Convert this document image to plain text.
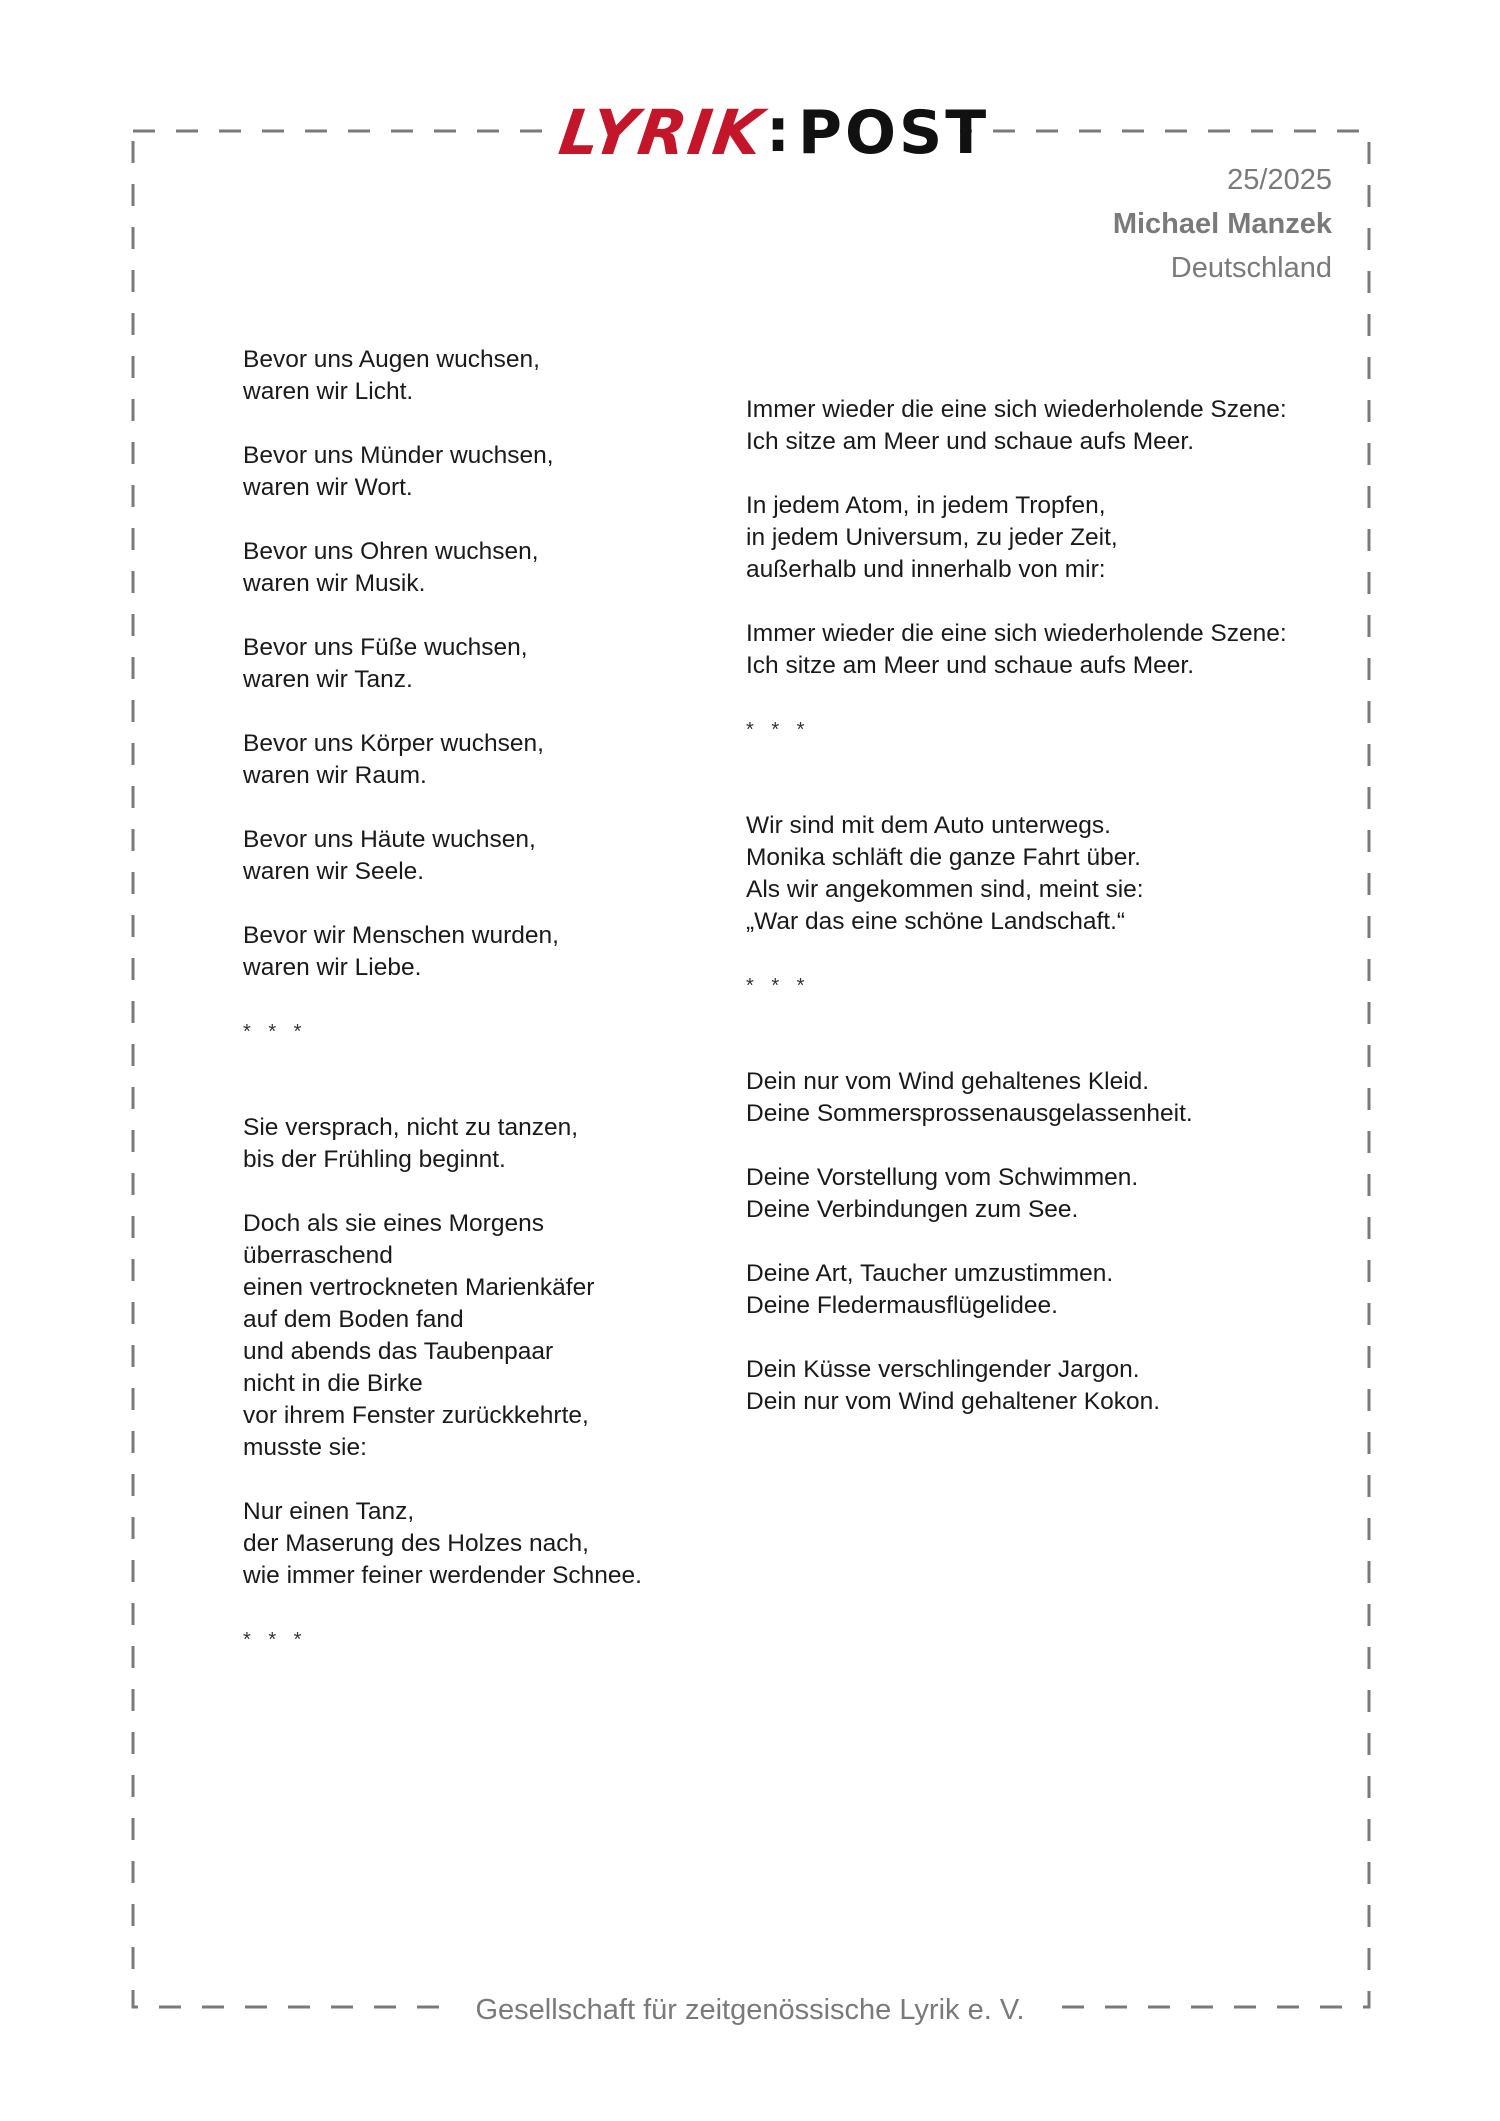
LYRIK
: POST
25/2025
Michael Manzek
Deutschland
Bevor uns Augen wuchsen,
waren wir Licht.
Bevor uns Münder wuchsen,
waren wir Wort.
Bevor uns Ohren wuchsen,
waren wir Musik.
Bevor uns Füße wuchsen,
waren wir Tanz.
Bevor uns Körper wuchsen,
waren wir Raum.
Bevor uns Häute wuchsen,
waren wir Seele.
Bevor wir Menschen wurden,
waren wir Liebe.
* * *
Sie versprach, nicht zu tanzen,
bis der Frühling beginnt.
Doch als sie eines Morgens
überraschend
einen vertrockneten Marienkäfer
auf dem Boden fand
und abends das Taubenpaar
nicht in die Birke
vor ihrem Fenster zurückkehrte,
musste sie:
Nur einen Tanz,
der Maserung des Holzes nach,
wie immer feiner werdender Schnee.
* * *
Immer wieder die eine sich wiederholende Szene:
Ich sitze am Meer und schaue aufs Meer.
In jedem Atom, in jedem Tropfen,
in jedem Universum, zu jeder Zeit,
außerhalb und innerhalb von mir:
Immer wieder die eine sich wiederholende Szene:
Ich sitze am Meer und schaue aufs Meer.
* * *
Wir sind mit dem Auto unterwegs.
Monika schläft die ganze Fahrt über.
Als wir angekommen sind, meint sie:
„War das eine schöne Landschaft.“
* * *
Dein nur vom Wind gehaltenes Kleid.
Deine Sommersprossenausgelassenheit.
Deine Vorstellung vom Schwimmen.
Deine Verbindungen zum See.
Deine Art, Taucher umzustimmen.
Deine Fledermausflügelidee.
Dein Küsse verschlingender Jargon.
Dein nur vom Wind gehaltener Kokon.
Gesellschaft für zeitgenössische Lyrik e. V.
